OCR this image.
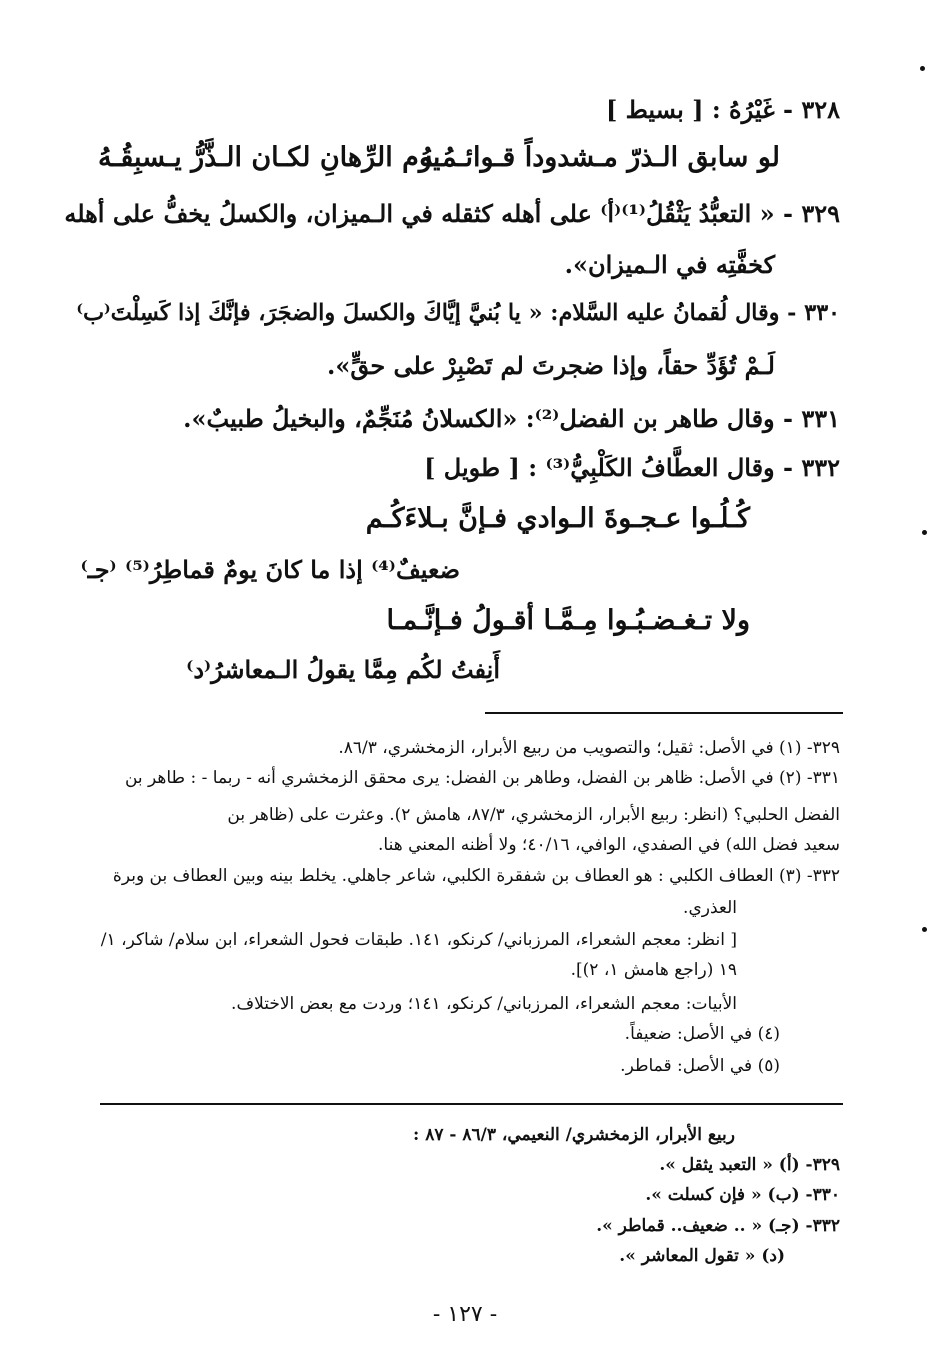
٣٢٨ - غَيْرُهُ : [ بسيط ]
لو سابق الـذرّ مـشدوداً قـوائـمُـهُ
يوم الرِّهانِ لكـان الـذَّرُّ يـسبِقُـهُ
٣٢٩ - « التعبُّدُ يَثْقُلُ⁽¹⁾⁽أ⁾ على أهله كثقله في الـميزان، والكسلُ يخفُّ على أهله
كخفَّتِه في الـميزان».
٣٣٠ - وقال لُقمانُ عليه السَّلام: « يا بُنيَّ إيَّاكَ والكسلَ والضجَرَ، فإنَّكَ إذا كَسِلْتَ⁽ب⁾
لَـمْ تُؤَدِّ حقاً، وإذا ضجرتَ لم تَصْبِرْ على حقٍّ».
٣٣١ - وقال طاهر بن الفضل⁽²⁾: «الكسلانُ مُنَجِّمٌ، والبخيلُ طبيبٌ».
٣٣٢ - وقال العطَّافُ الكَلْبِيُّ⁽³⁾ : [ طويل ]
كُـلُـوا عـجـوةَ الـوادي فـإنَّ بـلاءَكُـم
ضعيفٌ⁽⁴⁾ إذا ما كانَ يومٌ قماطِرُ⁽⁵⁾ ⁽جـ⁾
ولا تـغـضـبُـوا مِـمَّـا أقـولُ فـإنَّـمـا
أَنِفتُ لكُم مِمَّا يقولُ الـمعاشرُ⁽د⁾
٣٢٩- (١) في الأصل: ثقيل؛ والتصويب من ربيع الأبرار، الزمخشري، ٨٦/٣.
٣٣١- (٢) في الأصل: ظاهر بن الفضل، وطاهر بن الفضل: يرى محقق الزمخشري أنه - ربما - : طاهر بن
الفضل الحلبي؟ (انظر: ربيع الأبرار، الزمخشري، ٨٧/٣، هامش ٢). وعثرت على (ظاهر بن
سعيد فضل الله) في الصفدي، الوافي، ٤٠/١٦؛ ولا أظنه المعني هنا.
٣٣٢- (٣) العطاف الكلبي : هو العطاف بن شفقرة الكلبي، شاعر جاهلي. يخلط بينه وبين العطاف بن وبرة
العذري.
[ انظر: معجم الشعراء، المرزباني/ كرنكو، ١٤١. طبقات فحول الشعراء، ابن سلام/ شاكر، ١/
١٩ (راجع هامش ١، ٢)].
الأبيات: معجم الشعراء، المرزباني/ كرنكو، ١٤١؛ وردت مع بعض الاختلاف.
(٤) في الأصل: ضعيفاً.
(٥) في الأصل: قماطر.
ربيع الأبرار، الزمخشري/ النعيمي، ٨٦/٣ - ٨٧ :
٣٢٩- (أ) « التعبد يثقل ».
٣٣٠- (ب) « فإن كسلت ».
٣٣٢- (جـ) « .. ضعيف.. قماطر ».
(د) « تقول المعاشر ».
- ١٢٧ -
